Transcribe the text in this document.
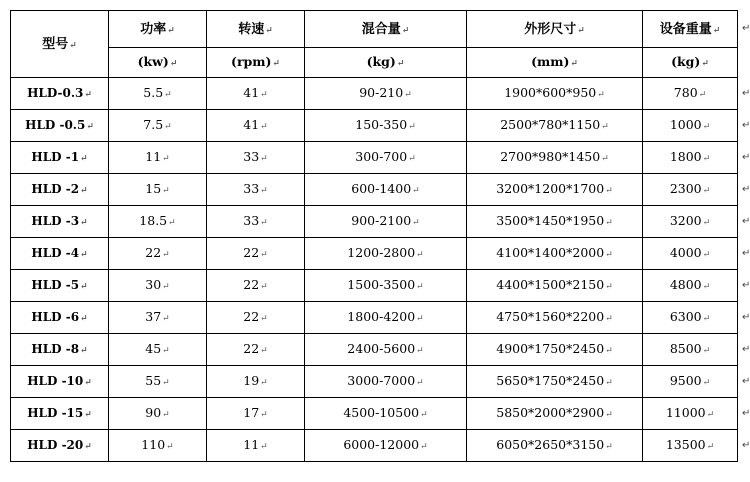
型号↵	功率↵	转速↵	混合量↵	外形尺寸↵	设备重量↵
	(kw)↵	(rpm)↵	(kg)↵	(mm)↵	(kg)↵
HLD-0.3↵	5.5↵	41↵	90-210↵	1900*600*950↵	780↵
HLD -0.5↵	7.5↵	41↵	150-350↵	2500*780*1150↵	1000↵
HLD -1↵	11↵	33↵	300-700↵	2700*980*1450↵	1800↵
HLD -2↵	15↵	33↵	600-1400↵	3200*1200*1700↵	2300↵
HLD -3↵	18.5↵	33↵	900-2100↵	3500*1450*1950↵	3200↵
HLD -4↵	22↵	22↵	1200-2800↵	4100*1400*2000↵	4000↵
HLD -5↵	30↵	22↵	1500-3500↵	4400*1500*2150↵	4800↵
HLD -6↵	37↵	22↵	1800-4200↵	4750*1560*2200↵	6300↵
HLD -8↵	45↵	22↵	2400-5600↵	4900*1750*2450↵	8500↵
HLD -10↵	55↵	19↵	3000-7000↵	5650*1750*2450↵	9500↵
HLD -15↵	90↵	17↵	4500-10500↵	5850*2000*2900↵	11000↵
HLD -20↵	110↵	11↵	6000-12000↵	6050*2650*3150↵	13500↵
↵
↵
↵
↵
↵
↵
↵
↵
↵
↵
↵
↵
↵
